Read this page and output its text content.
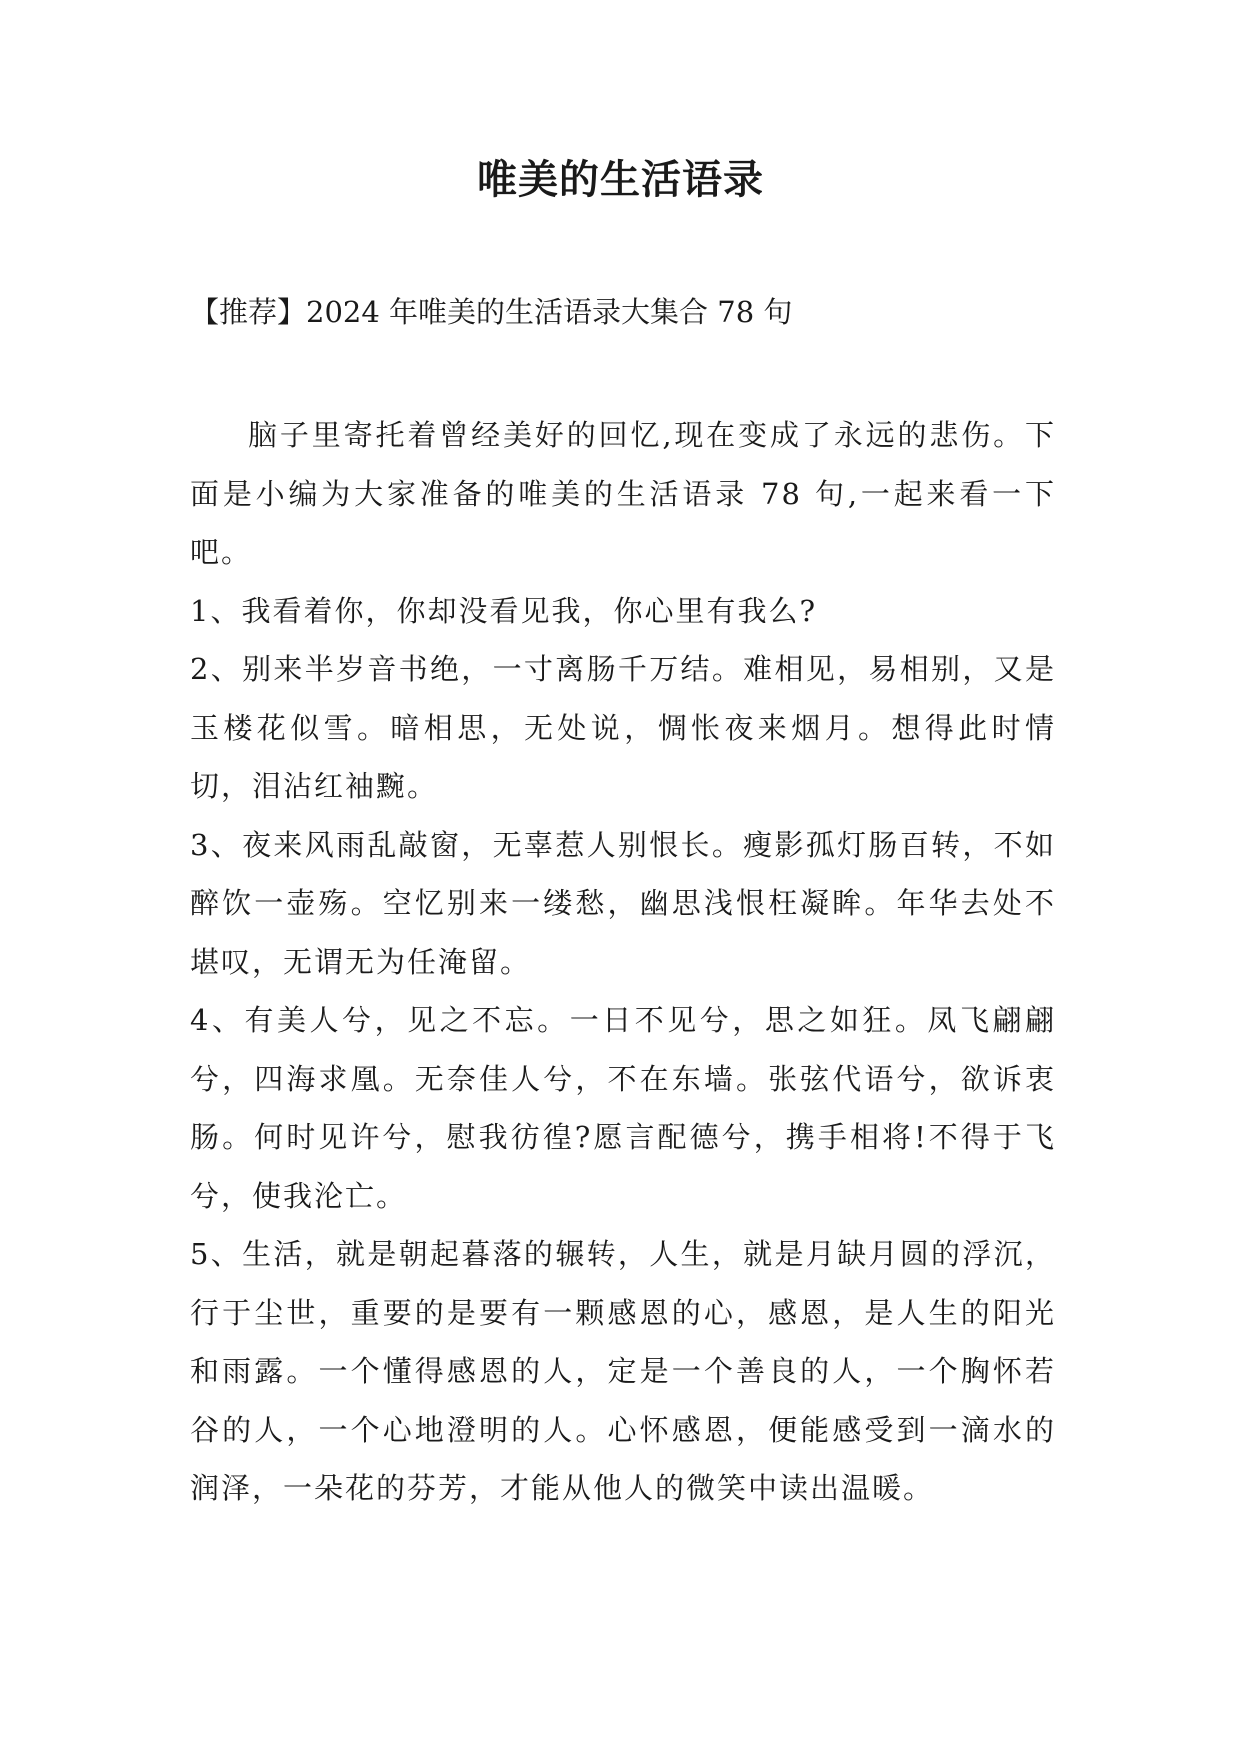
唯美的生活语录

【推荐】2024 年唯美的生活语录大集合 78 句

脑子里寄托着曾经美好的回忆,现在变成了永远的悲伤。下面是小编为大家准备的唯美的生活语录 78 句,一起来看一下吧。

1、我看着你，你却没看见我，你心里有我么?

2、别来半岁音书绝，一寸离肠千万结。难相见，易相别，又是玉楼花似雪。暗相思，无处说，惆怅夜来烟月。想得此时情切，泪沾红袖黦。

3、夜来风雨乱敲窗，无辜惹人别恨长。瘦影孤灯肠百转，不如醉饮一壶殇。空忆别来一缕愁，幽思浅恨枉凝眸。年华去处不堪叹，无谓无为任淹留。

4、有美人兮，见之不忘。一日不见兮，思之如狂。凤飞翩翩兮，四海求凰。无奈佳人兮，不在东墙。张弦代语兮，欲诉衷肠。何时见许兮，慰我彷徨?愿言配德兮，携手相将!不得于飞兮，使我沦亡。

5、生活，就是朝起暮落的辗转，人生，就是月缺月圆的浮沉，行于尘世，重要的是要有一颗感恩的心，感恩，是人生的阳光和雨露。一个懂得感恩的人，定是一个善良的人，一个胸怀若谷的人，一个心地澄明的人。心怀感恩，便能感受到一滴水的润泽，一朵花的芬芳，才能从他人的微笑中读出温暖。
